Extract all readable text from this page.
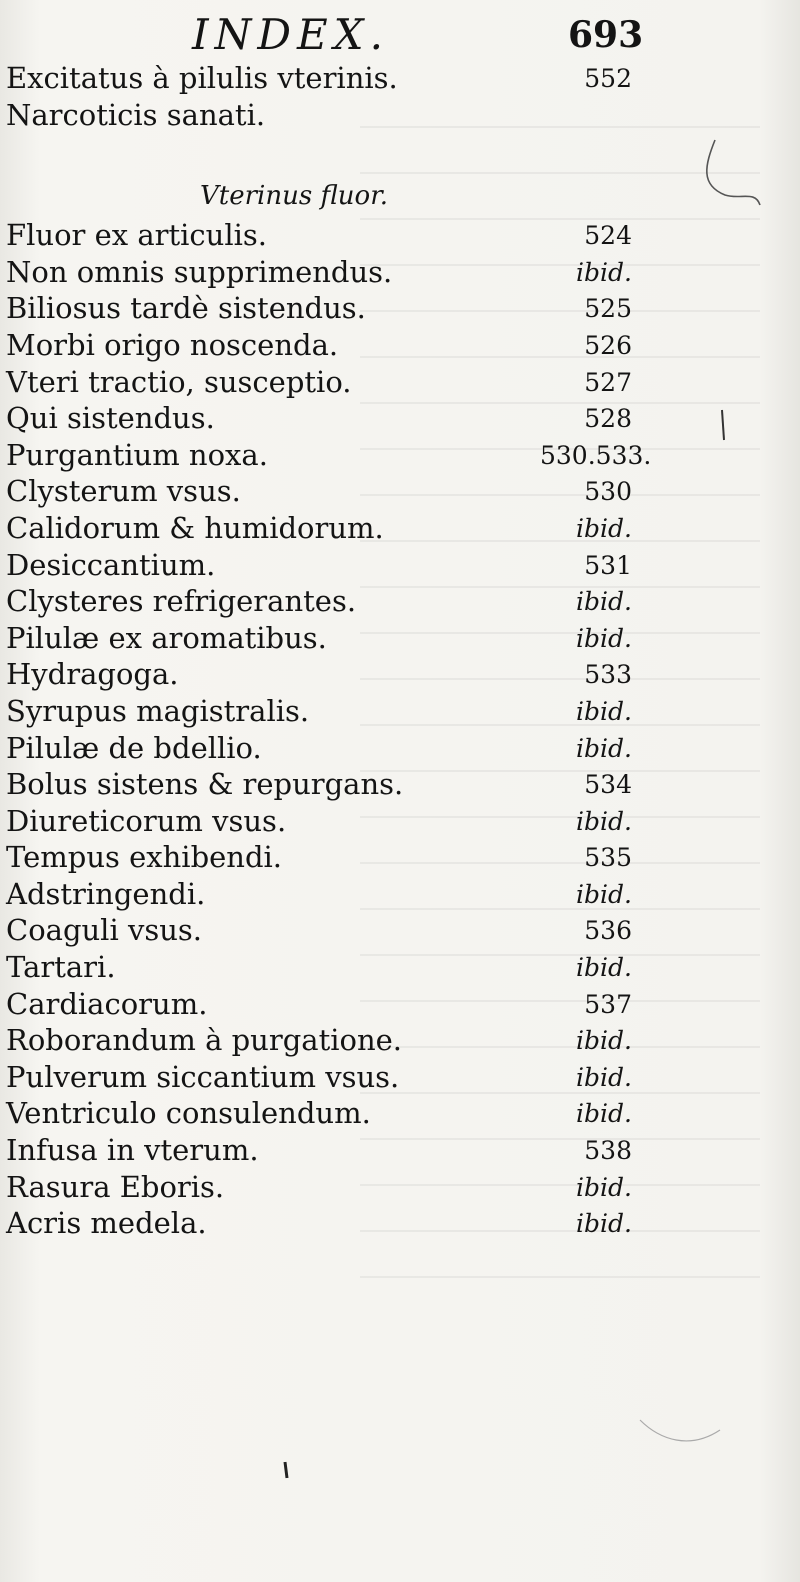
INDEX.	693
Excitatus à pilulis vterinis.	552
Narcoticis sanati.
Vterinus fluor.
Fluor ex articulis.	524
Non omnis supprimendus.	ibid.
Biliosus tardè sistendus.	525
Morbi origo noscenda.	526
Vteri tractio, susceptio.	527
Qui sistendus.	528
Purgantium noxa.	530.533.
Clysterum vsus.	530
Calidorum & humidorum.	ibid.
Desiccantium.	531
Clysteres refrigerantes.	ibid.
Pilulæ ex aromatibus.	ibid.
Hydragoga.	533
Syrupus magistralis.	ibid.
Pilulæ de bdellio.	ibid.
Bolus sistens & repurgans.	534
Diureticorum vsus.	ibid.
Tempus exhibendi.	535
Adstringendi.	ibid.
Coaguli vsus.	536
Tartari.	ibid.
Cardiacorum.	537
Roborandum à purgatione.	ibid.
Pulverum siccantium vsus.	ibid.
Ventriculo consulendum.	ibid.
Infusa in vterum.	538
Rasura Eboris.	ibid.
Acris medela.	ibid.
